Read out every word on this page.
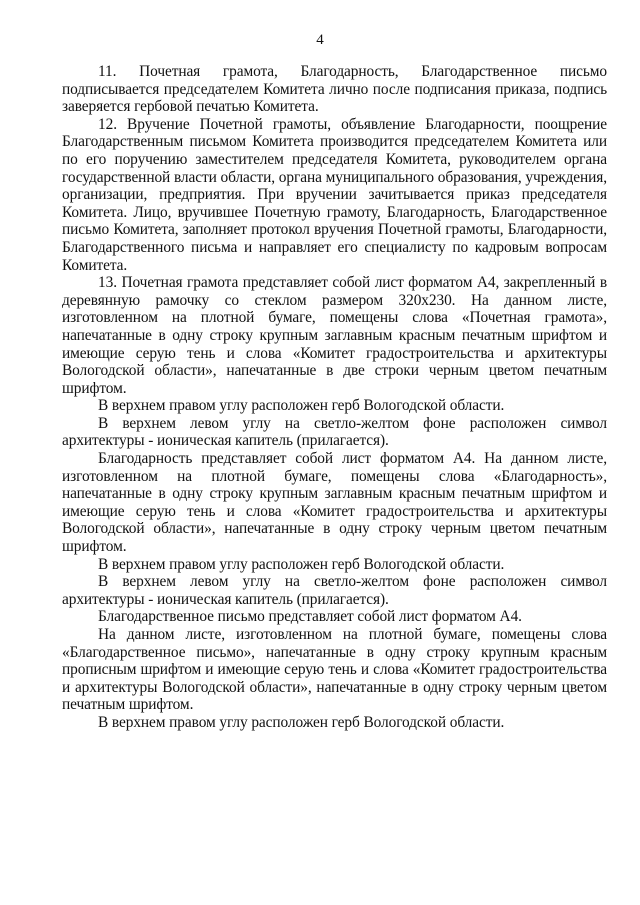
4

11. Почетная грамота, Благодарность, Благодарственное письмо подписывается председателем Комитета лично после подписания приказа, подпись заверяется гербовой печатью Комитета.

12. Вручение Почетной грамоты, объявление Благодарности, поощрение Благодарственным письмом Комитета производится председателем Комитета или по его поручению заместителем председателя Комитета, руководителем органа государственной власти области, органа муниципального образования, учреждения, организации, предприятия. При вручении зачитывается приказ председателя Комитета. Лицо, вручившее Почетную грамоту, Благодарность, Благодарственное письмо Комитета, заполняет протокол вручения Почетной грамоты, Благодарности, Благодарственного письма и направляет его специалисту по кадровым вопросам Комитета.

13. Почетная грамота представляет собой лист форматом А4, закрепленный в деревянную рамочку со стеклом размером 320х230. На данном листе, изготовленном на плотной бумаге, помещены слова «Почетная грамота», напечатанные в одну строку крупным заглавным красным печатным шрифтом и имеющие серую тень и слова «Комитет градостроительства и архитектуры Вологодской области», напечатанные в две строки черным цветом печатным шрифтом.

В верхнем правом углу расположен герб Вологодской области.

В верхнем левом углу на светло-желтом фоне расположен символ архитектуры - ионическая капитель (прилагается).

Благодарность представляет собой лист форматом А4. На данном листе, изготовленном на плотной бумаге, помещены слова «Благодарность», напечатанные в одну строку крупным заглавным красным печатным шрифтом и имеющие серую тень и слова «Комитет градостроительства и архитектуры Вологодской области», напечатанные в одну строку черным цветом печатным шрифтом.

В верхнем правом углу расположен герб Вологодской области.

В верхнем левом углу на светло-желтом фоне расположен символ архитектуры - ионическая капитель (прилагается).

Благодарственное письмо представляет собой лист форматом А4.

На данном листе, изготовленном на плотной бумаге, помещены слова «Благодарственное письмо», напечатанные в одну строку крупным красным прописным шрифтом и имеющие серую тень и слова «Комитет градостроительства и архитектуры Вологодской области», напечатанные в одну строку черным цветом печатным шрифтом.

В верхнем правом углу расположен герб Вологодской области.
